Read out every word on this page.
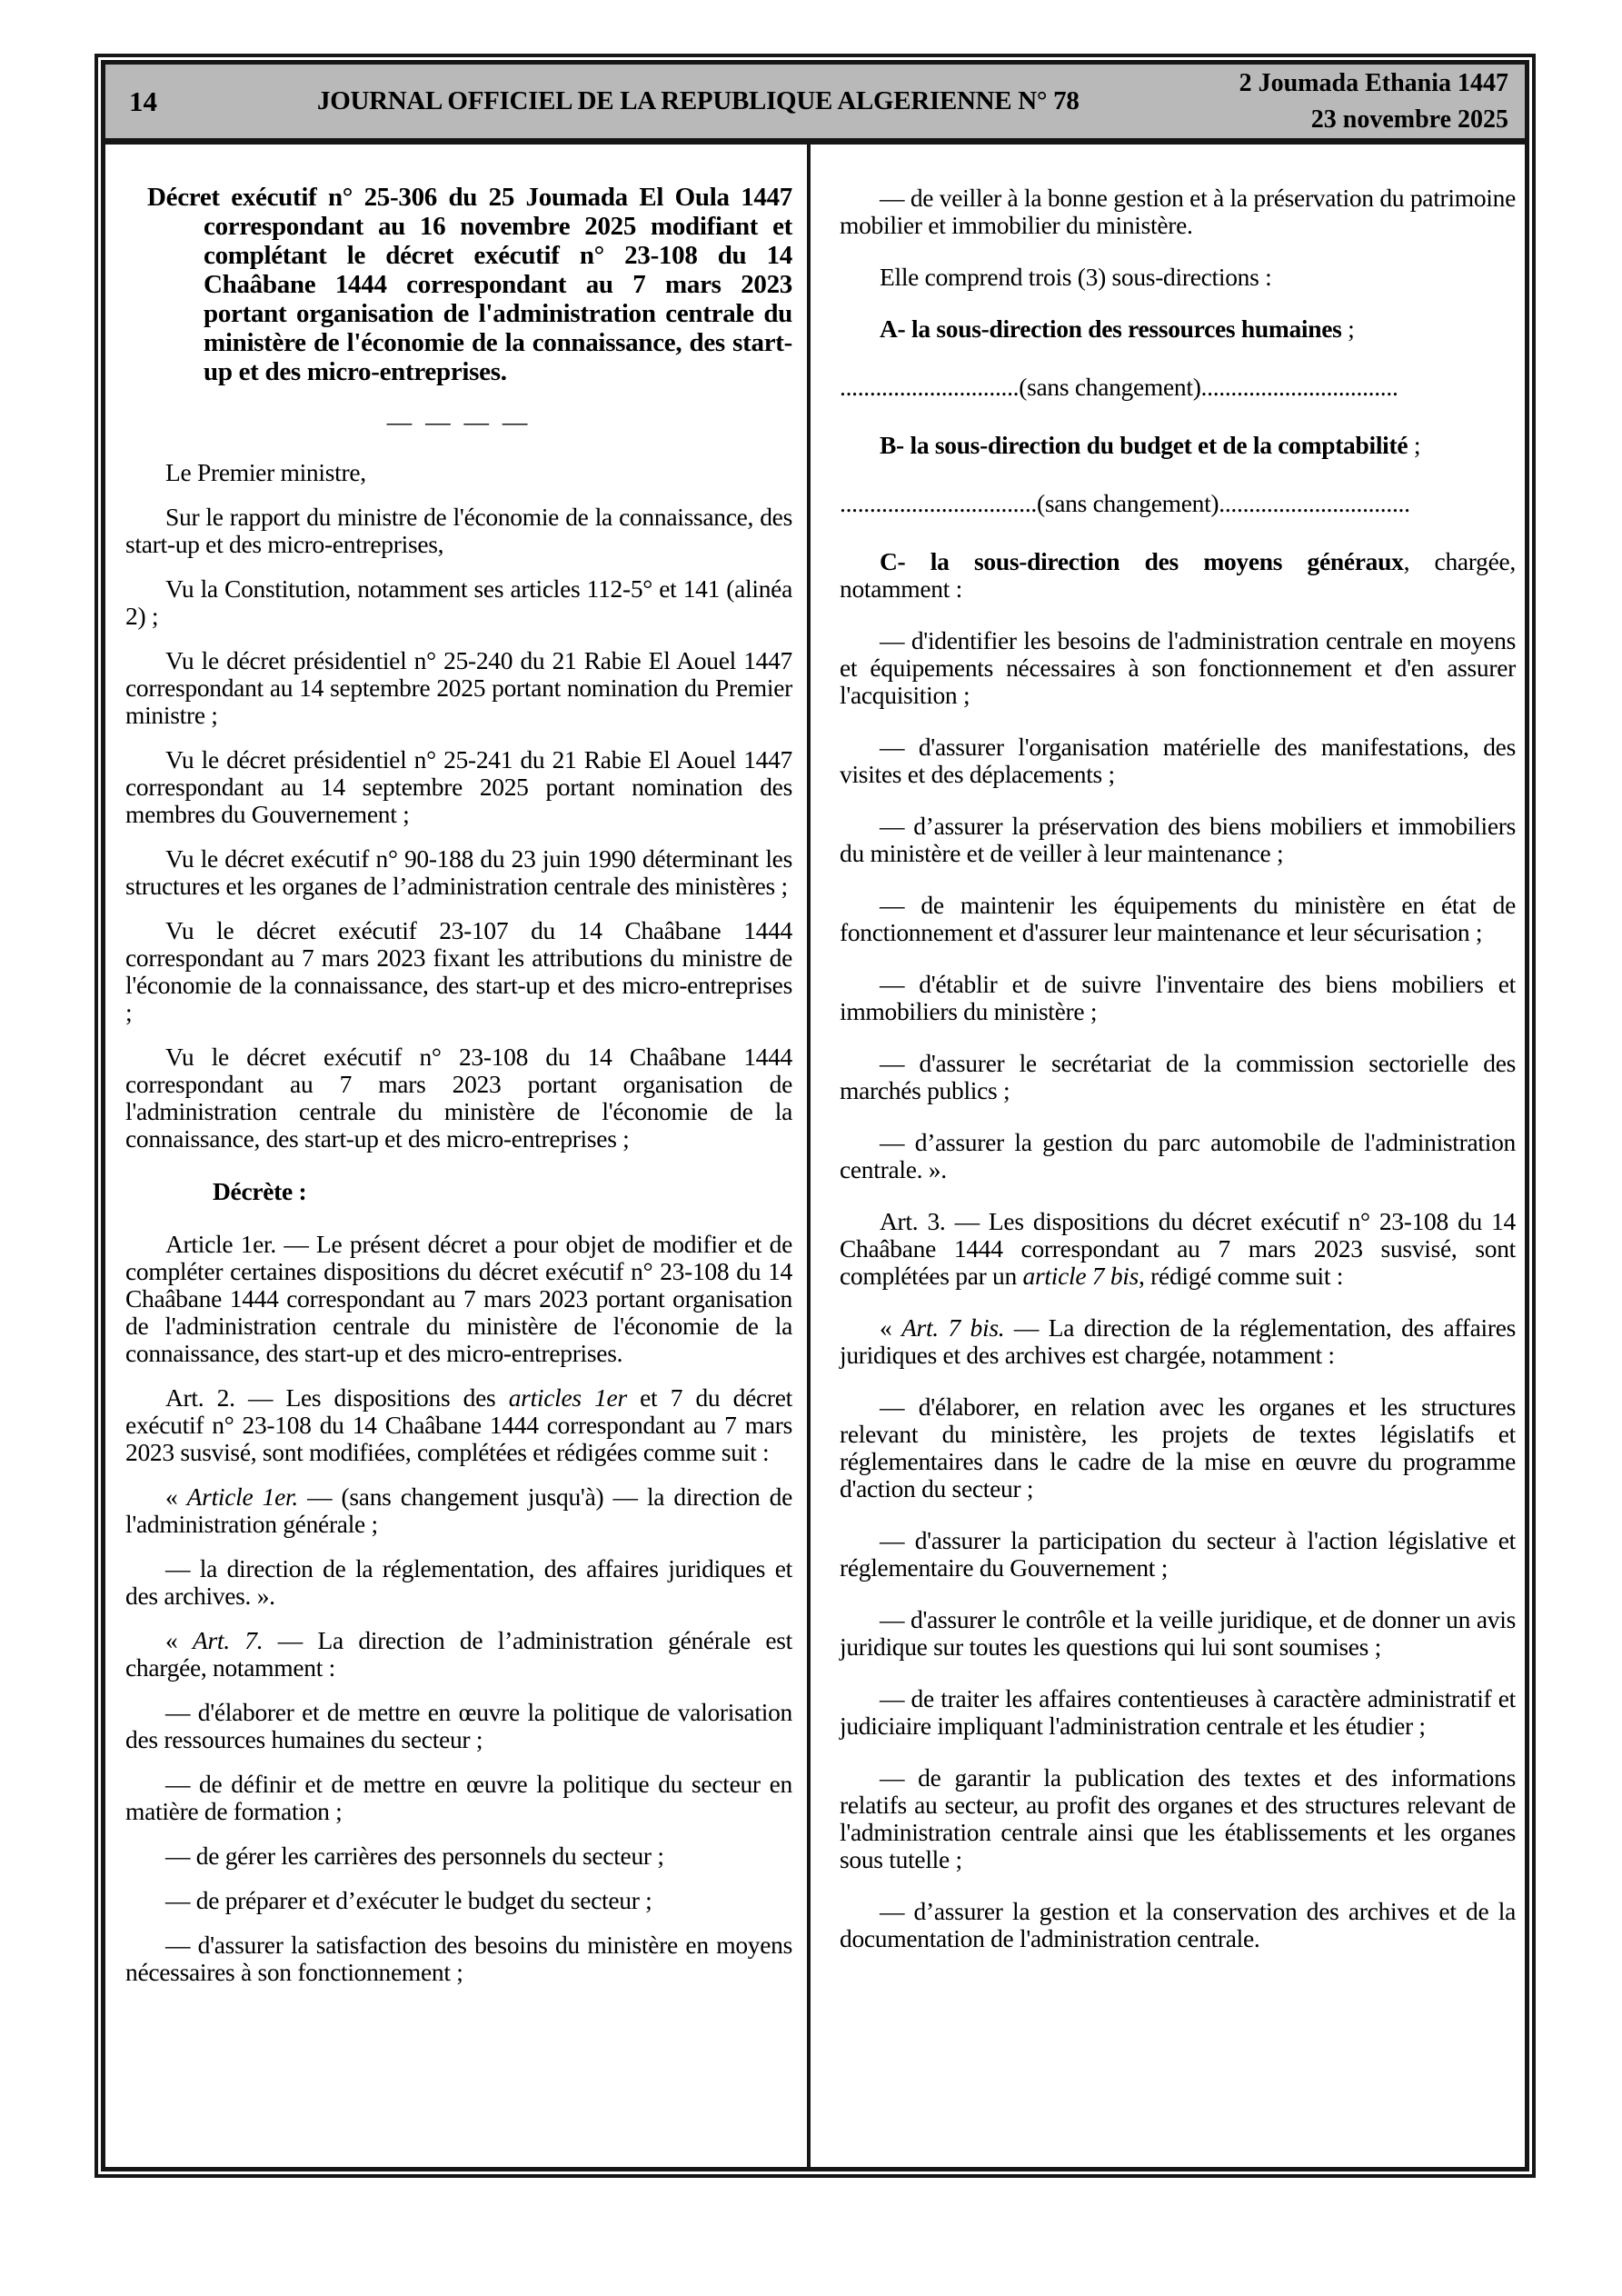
14	JOURNAL OFFICIEL DE LA REPUBLIQUE ALGERIENNE N° 78
2 Joumada Ethania 1447
23 novembre 2025

Décret exécutif n° 25-306 du 25 Joumada El Oula 1447 correspondant au 16 novembre 2025 modifiant et complétant le décret exécutif n° 23-108 du 14 Chaâbane 1444 correspondant au 7 mars 2023 portant organisation de l'administration centrale du ministère de l'économie de la connaissance, des start-up et des micro-entreprises.

— — — —

Le Premier ministre,

Sur le rapport du ministre de l'économie de la connaissance, des start-up et des micro-entreprises,

Vu la Constitution, notamment ses articles 112-5° et 141 (alinéa 2) ;

Vu le décret présidentiel n° 25-240 du 21 Rabie El Aouel 1447 correspondant au 14 septembre 2025 portant nomination du Premier ministre ;

Vu le décret présidentiel n° 25-241 du 21 Rabie El Aouel 1447 correspondant au 14 septembre 2025 portant nomination des membres du Gouvernement ;

Vu le décret exécutif n° 90-188 du 23 juin 1990 déterminant les structures et les organes de l’administration centrale des ministères ;

Vu le décret exécutif 23-107 du 14 Chaâbane 1444 correspondant au 7 mars 2023 fixant les attributions du ministre de l'économie de la connaissance, des start-up et des micro-entreprises ;

Vu le décret exécutif n° 23-108 du 14 Chaâbane 1444 correspondant au 7 mars 2023 portant organisation de l'administration centrale du ministère de l'économie de la connaissance, des start-up et des micro-entreprises ;

Décrète :

Article 1er. — Le présent décret a pour objet de modifier et de compléter certaines dispositions du décret exécutif n° 23-108 du 14 Chaâbane 1444 correspondant au 7 mars 2023 portant organisation de l'administration centrale du ministère de l'économie de la connaissance, des start-up et des micro-entreprises.

Art. 2. — Les dispositions des articles 1er et 7 du décret exécutif n° 23-108 du 14 Chaâbane 1444 correspondant au 7 mars 2023 susvisé, sont modifiées, complétées et rédigées comme suit :

« Article 1er. — (sans changement jusqu'à) — la direction de l'administration générale ;

— la direction de la réglementation, des affaires juridiques et des archives. ».

« Art. 7. — La direction de l’administration générale est chargée, notamment :

— d'élaborer et de mettre en œuvre la politique de valorisation des ressources humaines du secteur ;

— de définir et de mettre en œuvre la politique du secteur en matière de formation ;

— de gérer les carrières des personnels du secteur ;

— de préparer et d’exécuter le budget du secteur ;

— d'assurer la satisfaction des besoins du ministère en moyens nécessaires à son fonctionnement ;

— de veiller à la bonne gestion et à la préservation du patrimoine mobilier et immobilier du ministère.

Elle comprend trois (3) sous-directions :

A- la sous-direction des ressources humaines ;

..............................(sans changement).................................

B- la sous-direction du budget et de la comptabilité ;

.................................(sans changement)................................

C- la sous-direction des moyens généraux, chargée, notamment :

— d'identifier les besoins de l'administration centrale en moyens et équipements nécessaires à son fonctionnement et d'en assurer l'acquisition ;

— d'assurer l'organisation matérielle des manifestations, des visites et des déplacements ;

— d’assurer la préservation des biens mobiliers et immobiliers du ministère et de veiller à leur maintenance ;

— de maintenir les équipements du ministère en état de fonctionnement et d'assurer leur maintenance et leur sécurisation ;

— d'établir et de suivre l'inventaire des biens mobiliers et immobiliers du ministère ;

— d'assurer le secrétariat de la commission sectorielle des marchés publics ;

— d’assurer la gestion du parc automobile de l'administration centrale. ».

Art. 3. — Les dispositions du décret exécutif n° 23-108 du 14 Chaâbane 1444 correspondant au 7 mars 2023 susvisé, sont complétées par un article 7 bis, rédigé comme suit :

« Art. 7 bis. — La direction de la réglementation, des affaires juridiques et des archives est chargée, notamment :

— d'élaborer, en relation avec les organes et les structures relevant du ministère, les projets de textes législatifs et réglementaires dans le cadre de la mise en œuvre du programme d'action du secteur ;

— d'assurer la participation du secteur à l'action législative et réglementaire du Gouvernement ;

— d'assurer le contrôle et la veille juridique, et de donner un avis juridique sur toutes les questions qui lui sont soumises ;

— de traiter les affaires contentieuses à caractère administratif et judiciaire impliquant l'administration centrale et les étudier ;

— de garantir la publication des textes et des informations relatifs au secteur, au profit des organes et des structures relevant de l'administration centrale ainsi que les établissements et les organes sous tutelle ;

— d’assurer la gestion et la conservation des archives et de la documentation de l'administration centrale.
